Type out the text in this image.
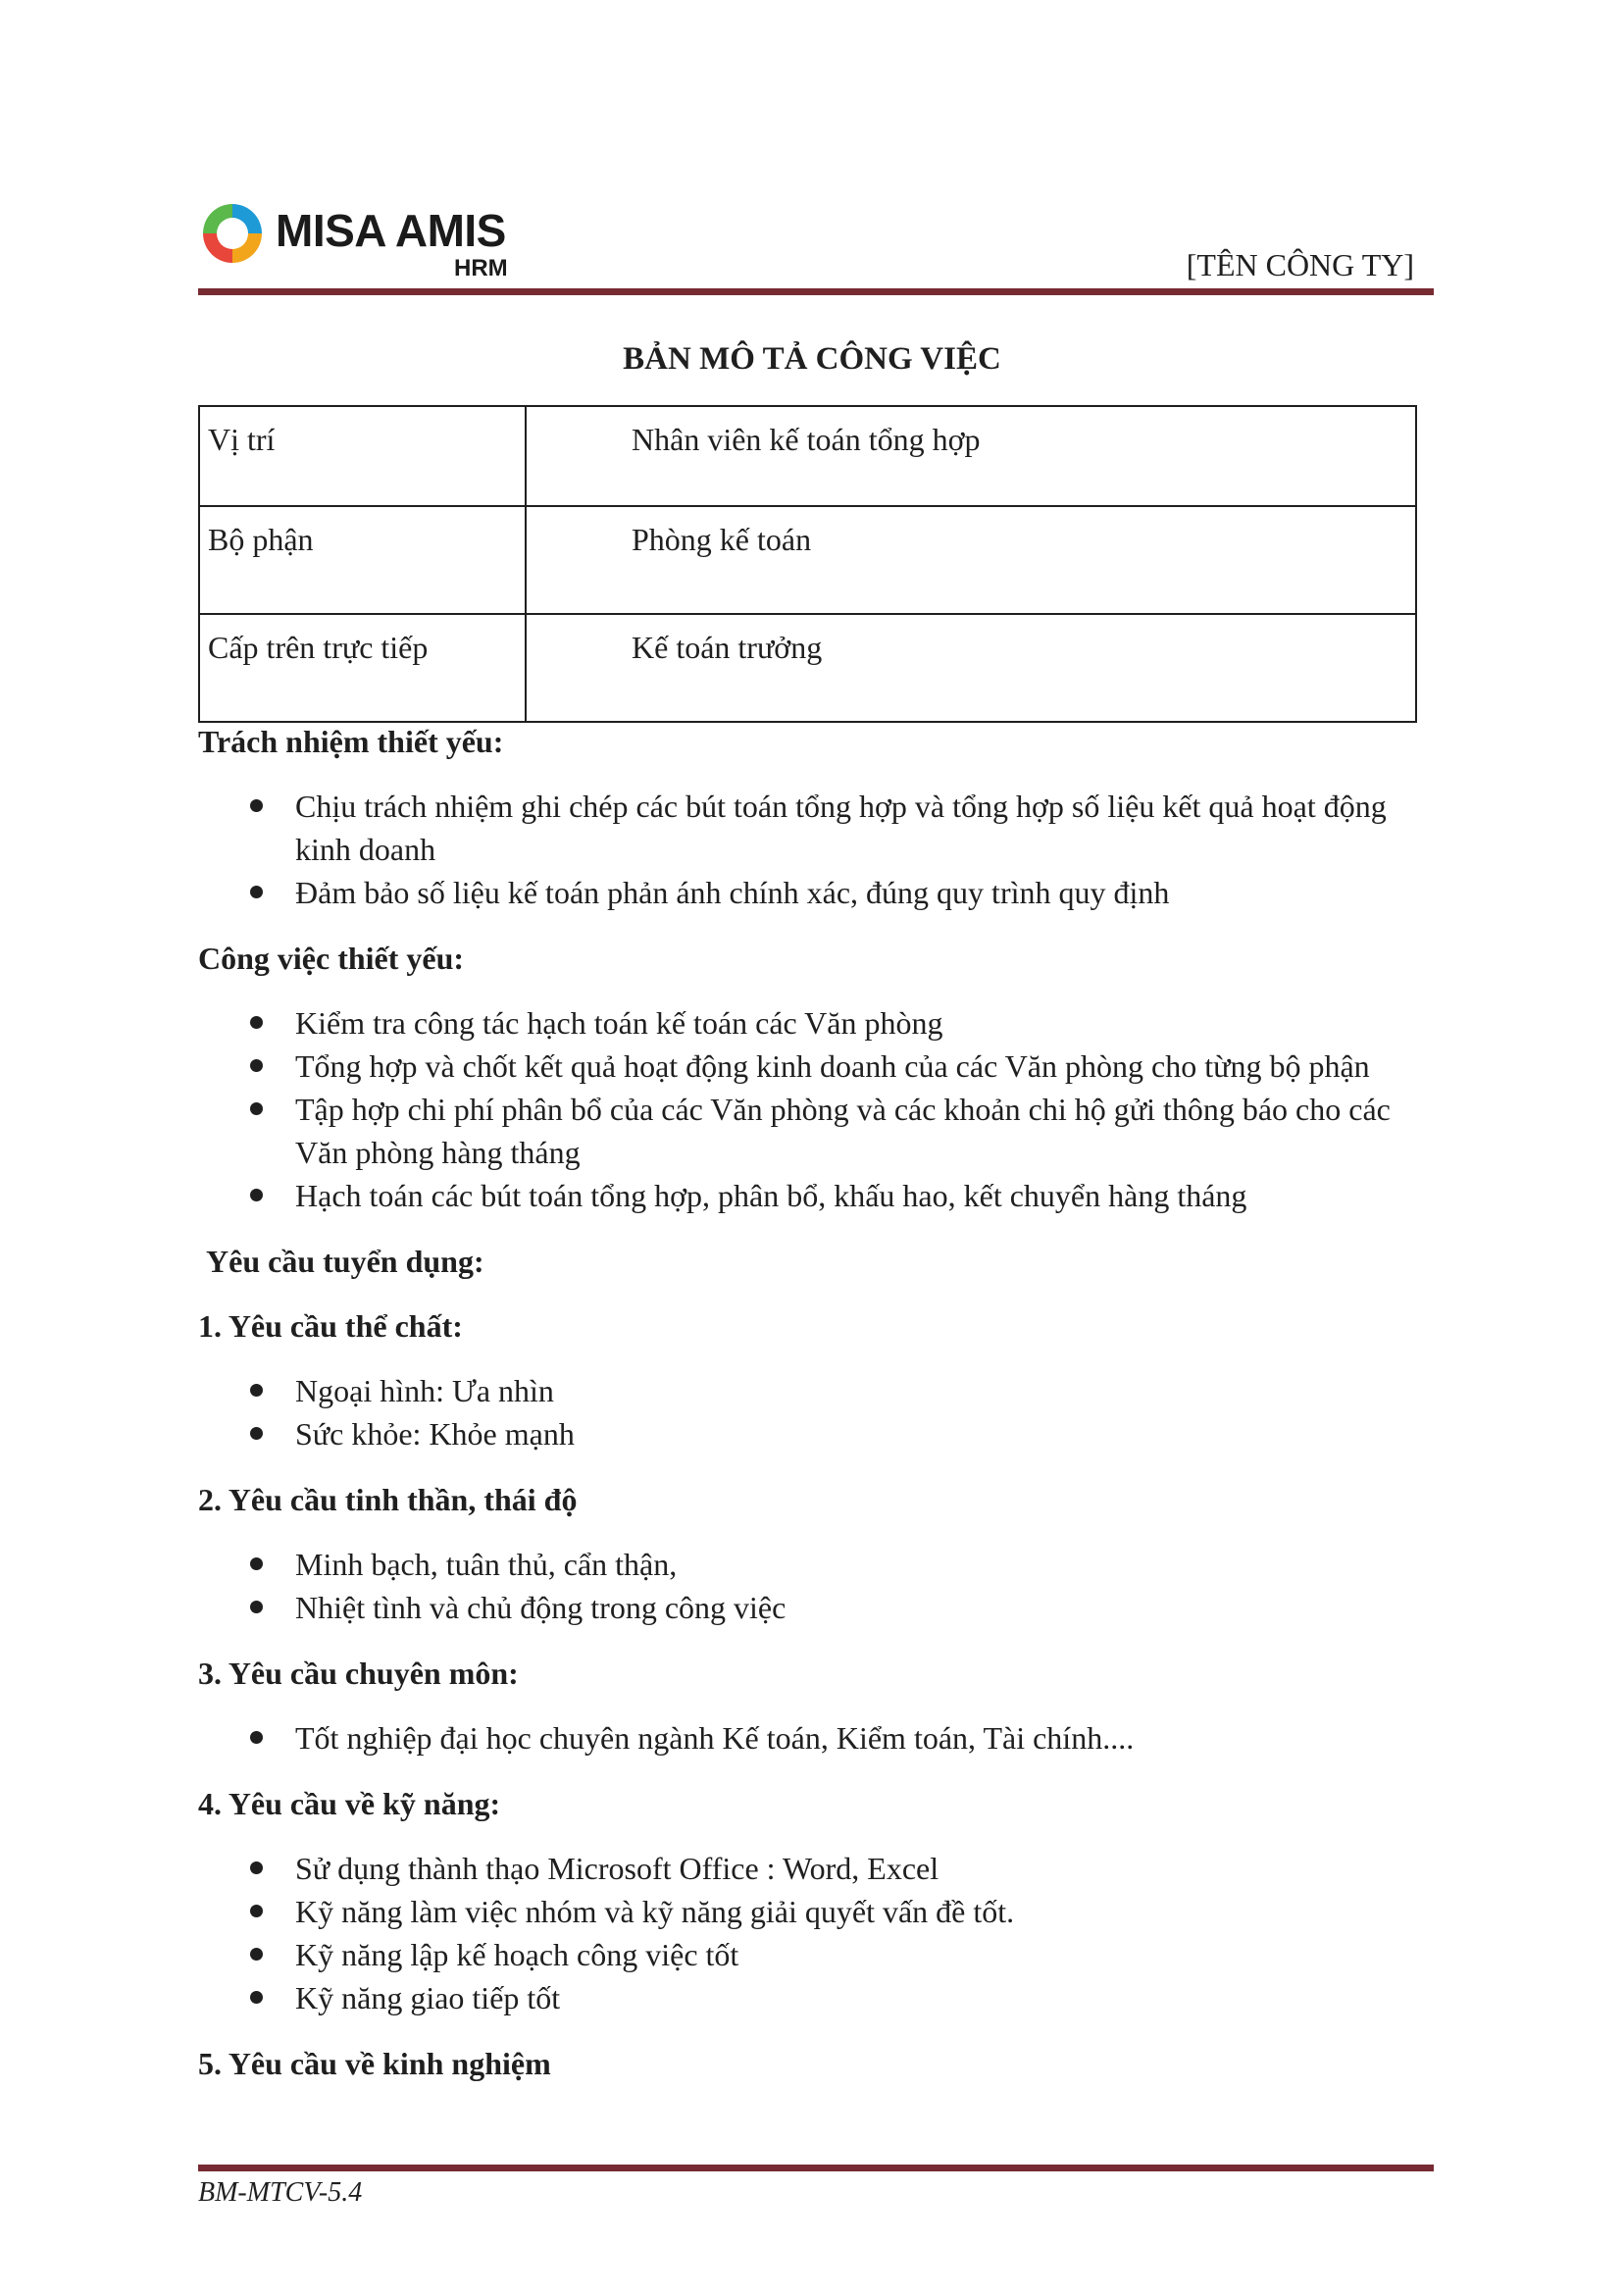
MISA AMIS
HRM	[TÊN CÔNG TY]
BẢN MÔ TẢ CÔNG VIỆC
Vị trí	Nhân viên kế toán tổng hợp
Bộ phận	Phòng kế toán
Cấp trên trực tiếp	Kế toán trưởng
Trách nhiệm thiết yếu:
Chịu trách nhiệm ghi chép các bút toán tổng hợp và tổng hợp số liệu kết quả hoạt động kinh doanh
Đảm bảo số liệu kế toán phản ánh chính xác, đúng quy trình quy định
Công việc thiết yếu:
Kiểm tra công tác hạch toán kế toán các Văn phòng
Tổng hợp và chốt kết quả hoạt động kinh doanh của các Văn phòng cho từng bộ phận
Tập hợp chi phí phân bổ của các Văn phòng và các khoản chi hộ gửi thông báo cho các Văn phòng hàng tháng
Hạch toán các bút toán tổng hợp, phân bổ, khấu hao, kết chuyển hàng tháng
Yêu cầu tuyển dụng:
1. Yêu cầu thể chất:
Ngoại hình: Ưa nhìn
Sức khỏe: Khỏe mạnh
2. Yêu cầu tinh thần, thái độ
Minh bạch, tuân thủ, cẩn thận,
Nhiệt tình và chủ động trong công việc
3. Yêu cầu chuyên môn:
Tốt nghiệp đại học chuyên ngành Kế toán, Kiểm toán, Tài chính....
4. Yêu cầu về kỹ năng:
Sử dụng thành thạo Microsoft Office : Word, Excel
Kỹ năng làm việc nhóm và kỹ năng giải quyết vấn đề tốt.
Kỹ năng lập kế hoạch công việc tốt
Kỹ năng giao tiếp tốt
5. Yêu cầu về kinh nghiệm
BM-MTCV-5.4
